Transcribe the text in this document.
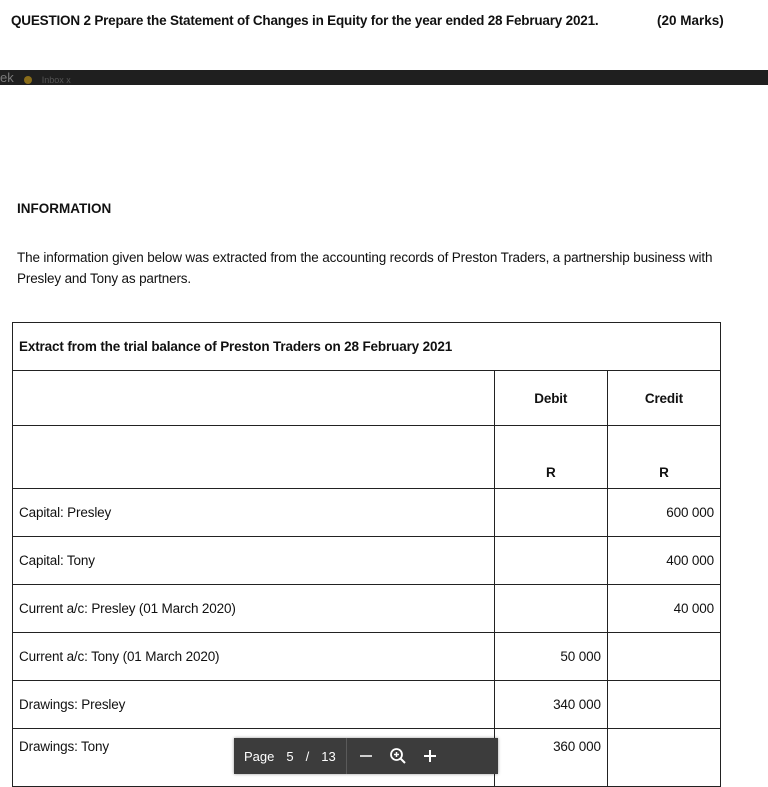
QUESTION 2 Prepare the Statement of Changes in Equity for the year ended 28 February 2021.	(20 Marks)
ek	Inbox x
INFORMATION
The information given below was extracted from the accounting records of Preston Traders, a partnership business with Presley and Tony as partners.
Extract from the trial balance of Preston Traders on 28 February 2021		
	Debit	Credit
	R	R
Capital: Presley		600 000
Capital: Tony		400 000
Current a/c: Presley (01 March 2020)		40 000
Current a/c: Tony (01 March 2020)	50 000	
Drawings: Presley	340 000	
Drawings: Tony	360 000	
Page 5 / 13
